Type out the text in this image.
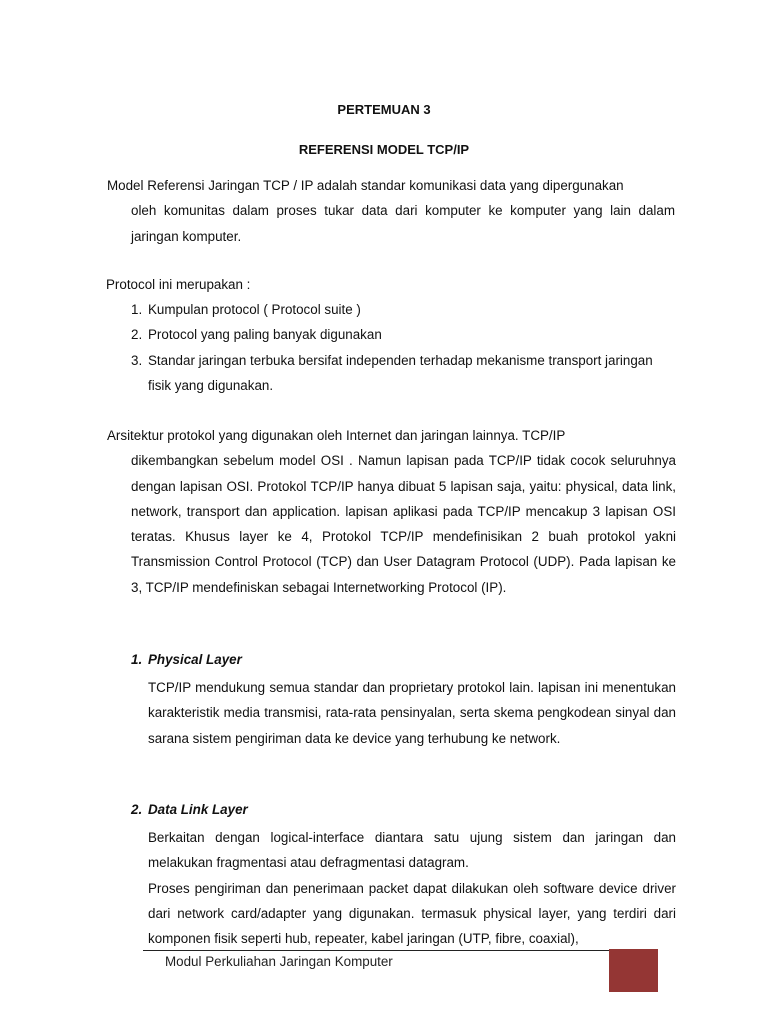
PERTEMUAN 3
REFERENSI MODEL TCP/IP
Model Referensi Jaringan TCP / IP adalah standar komunikasi data yang dipergunakan
oleh komunitas dalam proses tukar data dari komputer ke komputer yang lain dalam jaringan komputer.
Protocol ini merupakan :
1. Kumpulan protocol ( Protocol suite )
2. Protocol yang paling banyak digunakan
3. Standar jaringan terbuka bersifat independen terhadap mekanisme transport jaringan fisik yang digunakan.
Arsitektur protokol yang digunakan oleh Internet dan jaringan lainnya. TCP/IP
dikembangkan sebelum model OSI . Namun lapisan pada TCP/IP tidak cocok seluruhnya dengan lapisan OSI. Protokol TCP/IP hanya dibuat 5 lapisan saja, yaitu: physical, data link, network, transport dan application. lapisan aplikasi pada TCP/IP mencakup 3 lapisan OSI teratas. Khusus layer ke 4, Protokol TCP/IP mendefinisikan 2 buah protokol yakni Transmission Control Protocol (TCP) dan User Datagram Protocol (UDP). Pada lapisan ke 3, TCP/IP mendefiniskan sebagai Internetworking Protocol (IP).
1. Physical Layer
TCP/IP mendukung semua standar dan proprietary protokol lain. lapisan ini menentukan karakteristik media transmisi, rata-rata pensinyalan, serta skema pengkodean sinyal dan sarana sistem pengiriman data ke device yang terhubung ke network.
2. Data Link Layer
Berkaitan dengan logical-interface diantara satu ujung sistem dan jaringan dan melakukan fragmentasi atau defragmentasi datagram.
Proses pengiriman dan penerimaan packet dapat dilakukan oleh software device driver dari network card/adapter yang digunakan. termasuk physical layer, yang terdiri dari komponen fisik seperti hub, repeater, kabel jaringan (UTP, fibre, coaxial),
Modul Perkuliahan Jaringan Komputer
